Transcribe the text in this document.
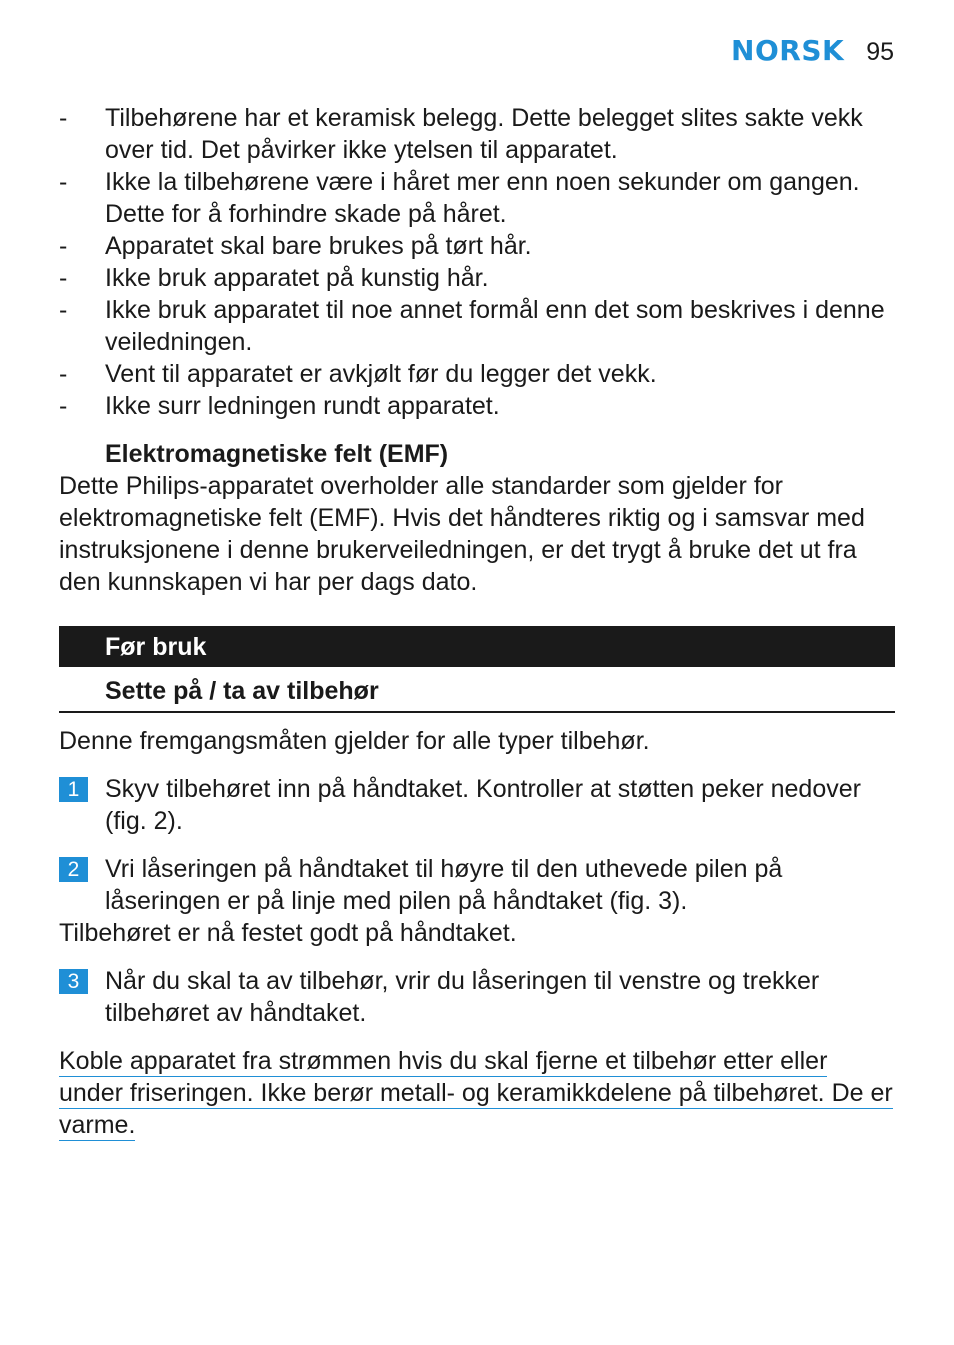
NORSK 95
- Tilbehørene har et keramisk belegg. Dette belegget slites sakte vekk over tid. Det påvirker ikke ytelsen til apparatet.
- Ikke la tilbehørene være i håret mer enn noen sekunder om gangen. Dette for å forhindre skade på håret.
- Apparatet skal bare brukes på tørt hår.
- Ikke bruk apparatet på kunstig hår.
- Ikke bruk apparatet til noe annet formål enn det som beskrives i denne veiledningen.
- Vent til apparatet er avkjølt før du legger det vekk.
- Ikke surr ledningen rundt apparatet.
Elektromagnetiske felt (EMF)

Dette Philips-apparatet overholder alle standarder som gjelder for elektromagnetiske felt (EMF). Hvis det håndteres riktig og i samsvar med instruksjonene i denne brukerveiledningen, er det trygt å bruke det ut fra den kunnskapen vi har per dags dato.

Før bruk
Sette på / ta av tilbehør

Denne fremgangsmåten gjelder for alle typer tilbehør.

1	Skyv tilbehøret inn på håndtaket. Kontroller at støtten peker nedover (fig. 2).
2	Vri låseringen på håndtaket til høyre til den uthevede pilen på låseringen er på linje med pilen på håndtaket (fig. 3).

Tilbehøret er nå festet godt på håndtaket.

3	Når du skal ta av tilbehør, vrir du låseringen til venstre og trekker tilbehøret av håndtaket.

Koble apparatet fra strømmen hvis du skal fjerne et tilbehør etter eller under friseringen. Ikke berør metall- og keramikkdelene på tilbehøret. De er varme.
